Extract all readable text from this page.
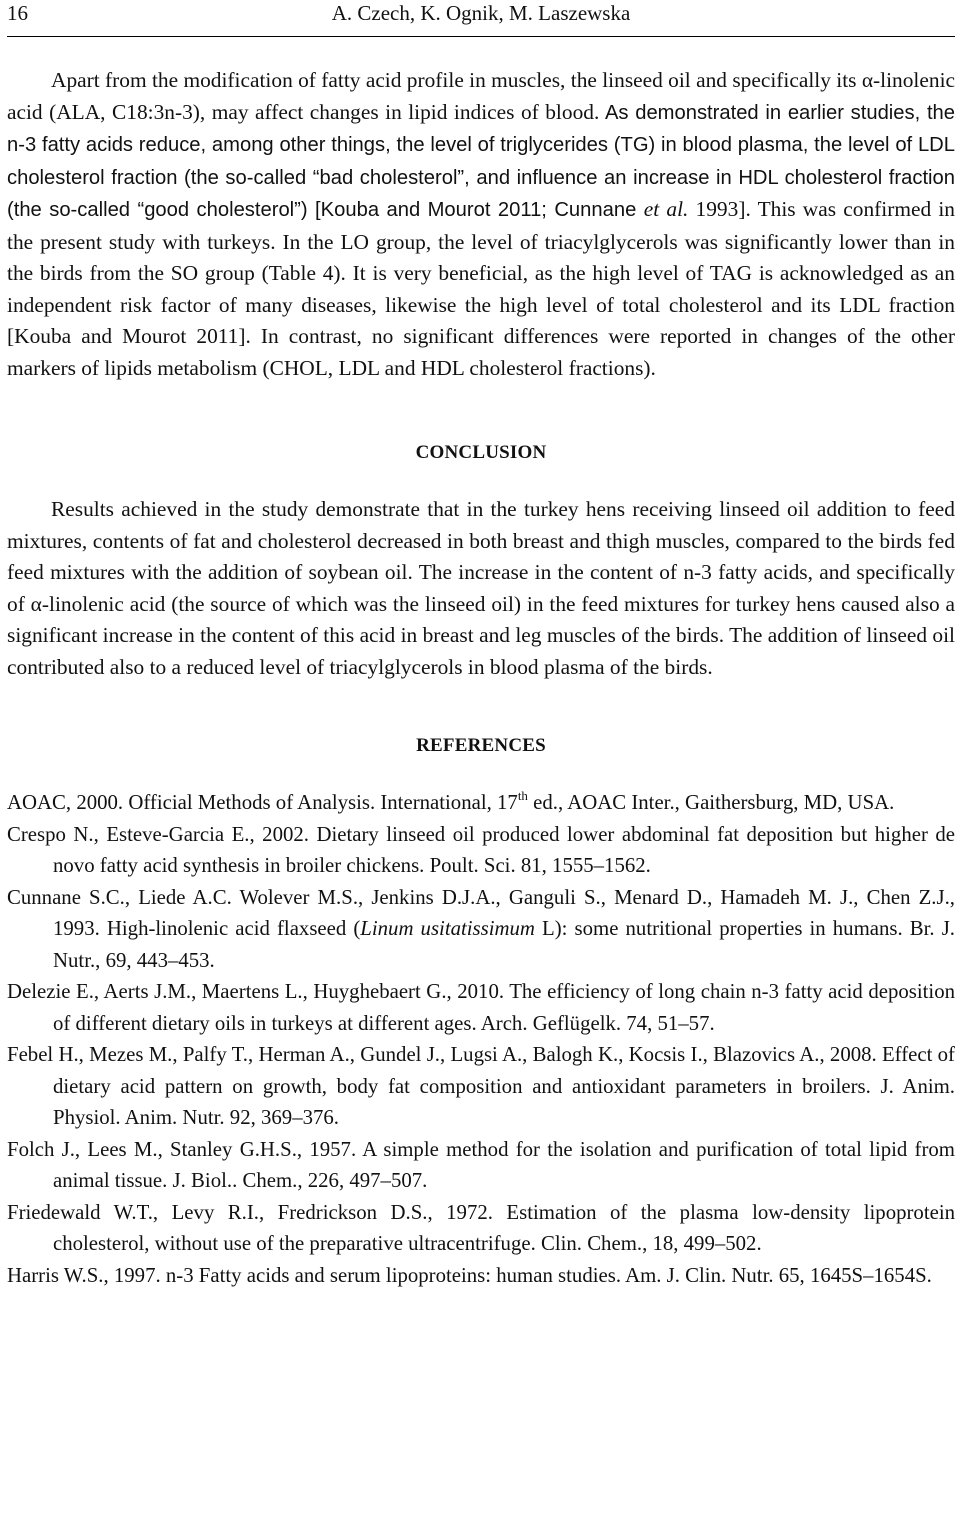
16	A. Czech, K. Ognik, M. Laszewska

Apart from the modification of fatty acid profile in muscles, the linseed oil and specifically its α-linolenic acid (ALA, C18:3n-3), may affect changes in lipid indices of blood. As demonstrated in earlier studies, the n-3 fatty acids reduce, among other things, the level of triglycerides (TG) in blood plasma, the level of LDL cholesterol fraction (the so-called “bad cholesterol”, and influence an increase in HDL cholesterol fraction (the so-called “good cholesterol”) [Kouba and Mourot 2011; Cunnane et al. 1993]. This was confirmed in the present study with turkeys. In the LO group, the level of triacylglycerols was significantly lower than in the birds from the SO group (Table 4). It is very beneficial, as the high level of TAG is acknowledged as an independent risk factor of many diseases, likewise the high level of total cholesterol and its LDL fraction [Kouba and Mourot 2011]. In contrast, no significant differences were reported in changes of the other markers of lipids metabolism (CHOL, LDL and HDL cholesterol fractions).

CONCLUSION

Results achieved in the study demonstrate that in the turkey hens receiving linseed oil addition to feed mixtures, contents of fat and cholesterol decreased in both breast and thigh muscles, compared to the birds fed feed mixtures with the addition of soybean oil. The increase in the content of n-3 fatty acids, and specifically of α-linolenic acid (the source of which was the linseed oil) in the feed mixtures for turkey hens caused also a significant increase in the content of this acid in breast and leg muscles of the birds. The addition of linseed oil contributed also to a reduced level of triacylglycerols in blood plasma of the birds.

REFERENCES
AOAC, 2000. Official Methods of Analysis. International, 17th ed., AOAC Inter., Gaithersburg, MD, USA.
Crespo N., Esteve-Garcia E., 2002. Dietary linseed oil produced lower abdominal fat deposition but higher de novo fatty acid synthesis in broiler chickens. Poult. Sci. 81, 1555–1562.
Cunnane S.C., Liede A.C. Wolever M.S., Jenkins D.J.A., Ganguli S., Menard D., Hamadeh M. J., Chen Z.J., 1993. High-linolenic acid flaxseed (Linum usitatissimum L): some nutritional properties in humans. Br. J. Nutr., 69, 443–453.
Delezie E., Aerts J.M., Maertens L., Huyghebaert G., 2010. The efficiency of long chain n-3 fatty acid deposition of different dietary oils in turkeys at different ages. Arch. Geflügelk. 74, 51–57.
Febel H., Mezes M., Palfy T., Herman A., Gundel J., Lugsi A., Balogh K., Kocsis I., Blazovics A., 2008. Effect of dietary acid pattern on growth, body fat composition and antioxidant parameters in broilers. J. Anim. Physiol. Anim. Nutr. 92, 369–376.
Folch J., Lees M., Stanley G.H.S., 1957. A simple method for the isolation and purification of total lipid from animal tissue. J. Biol.. Chem., 226, 497–507.
Friedewald W.T., Levy R.I., Fredrickson D.S., 1972. Estimation of the plasma low-density lipoprotein cholesterol, without use of the preparative ultracentrifuge. Clin. Chem., 18, 499–502.
Harris W.S., 1997. n-3 Fatty acids and serum lipoproteins: human studies. Am. J. Clin. Nutr. 65, 1645S–1654S.
